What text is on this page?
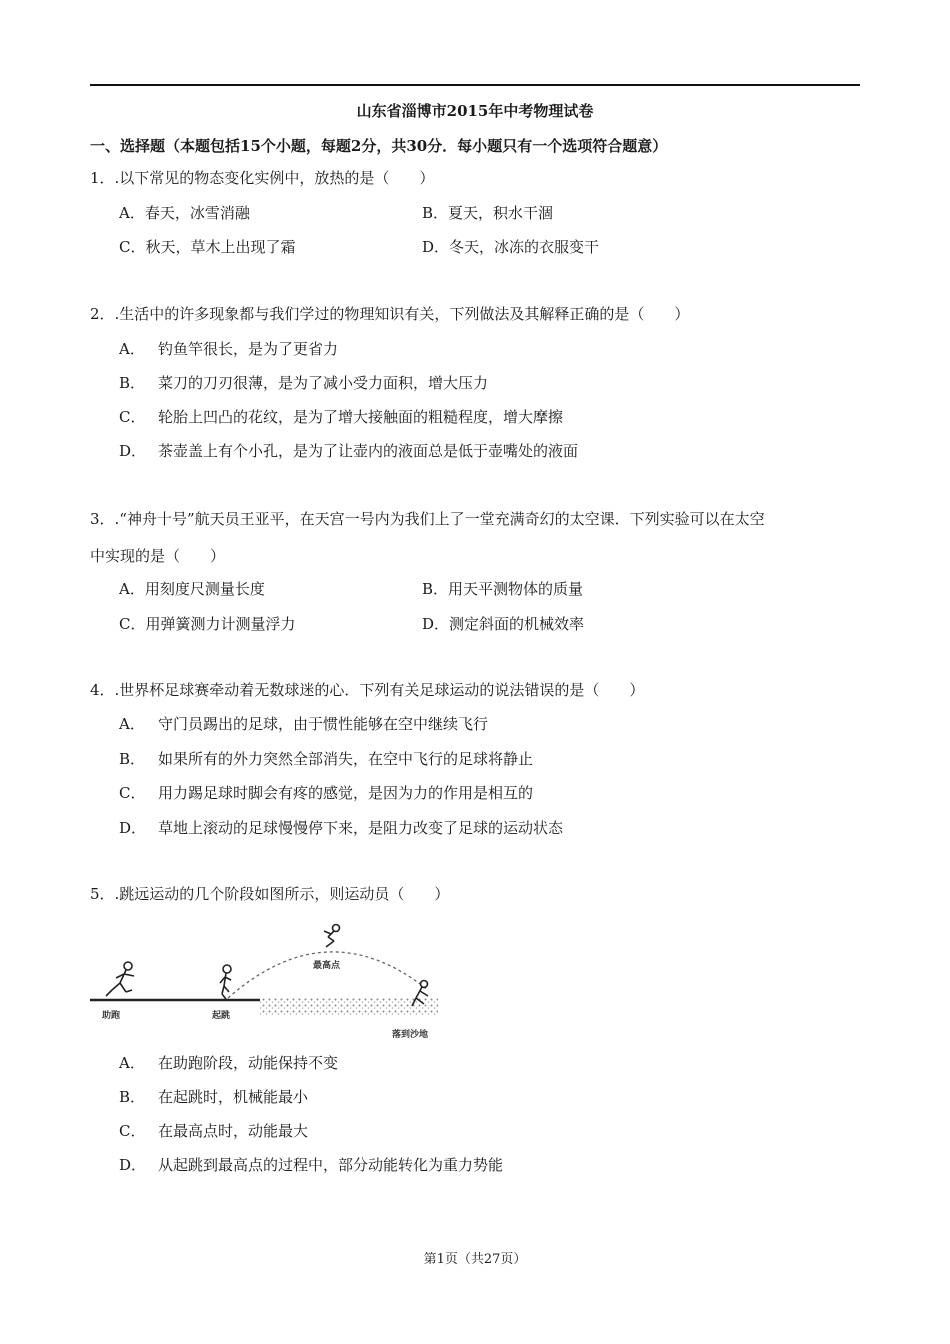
山东省淄博市2015年中考物理试卷
一、选择题（本题包括15个小题，每题2分，共30分．每小题只有一个选项符合题意）
1．.以下常见的物态变化实例中，放热的是（　　）
A．春天，冰雪消融	B．夏天，积水干涸
C．秋天，草木上出现了霜	D．冬天，冰冻的衣服变干
2．.生活中的许多现象都与我们学过的物理知识有关，下列做法及其解释正确的是（　　）
A． 钓鱼竿很长，是为了更省力
B． 菜刀的刀刃很薄，是为了减小受力面积，增大压力
C． 轮胎上凹凸的花纹，是为了增大接触面的粗糙程度，增大摩擦
D． 茶壶盖上有个小孔，是为了让壶内的液面总是低于壶嘴处的液面
3．.“神舟十号”航天员王亚平，在天宫一号内为我们上了一堂充满奇幻的太空课．下列实验可以在太空
中实现的是（　　）
A．用刻度尺测量长度	B．用天平测物体的质量
C．用弹簧测力计测量浮力	D．测定斜面的机械效率
4．.世界杯足球赛牵动着无数球迷的心．下列有关足球运动的说法错误的是（　　）
A． 守门员踢出的足球，由于惯性能够在空中继续飞行
B． 如果所有的外力突然全部消失，在空中飞行的足球将静止
C． 用力踢足球时脚会有疼的感觉，是因为力的作用是相互的
D． 草地上滚动的足球慢慢停下来，是阻力改变了足球的运动状态
5．.跳远运动的几个阶段如图所示，则运动员（　　）
助跑	起跳
最高点
落到沙地
A． 在助跑阶段，动能保持不变
B． 在起跳时，机械能最小
C． 在最高点时，动能最大
D． 从起跳到最高点的过程中，部分动能转化为重力势能
第1页（共27页）
